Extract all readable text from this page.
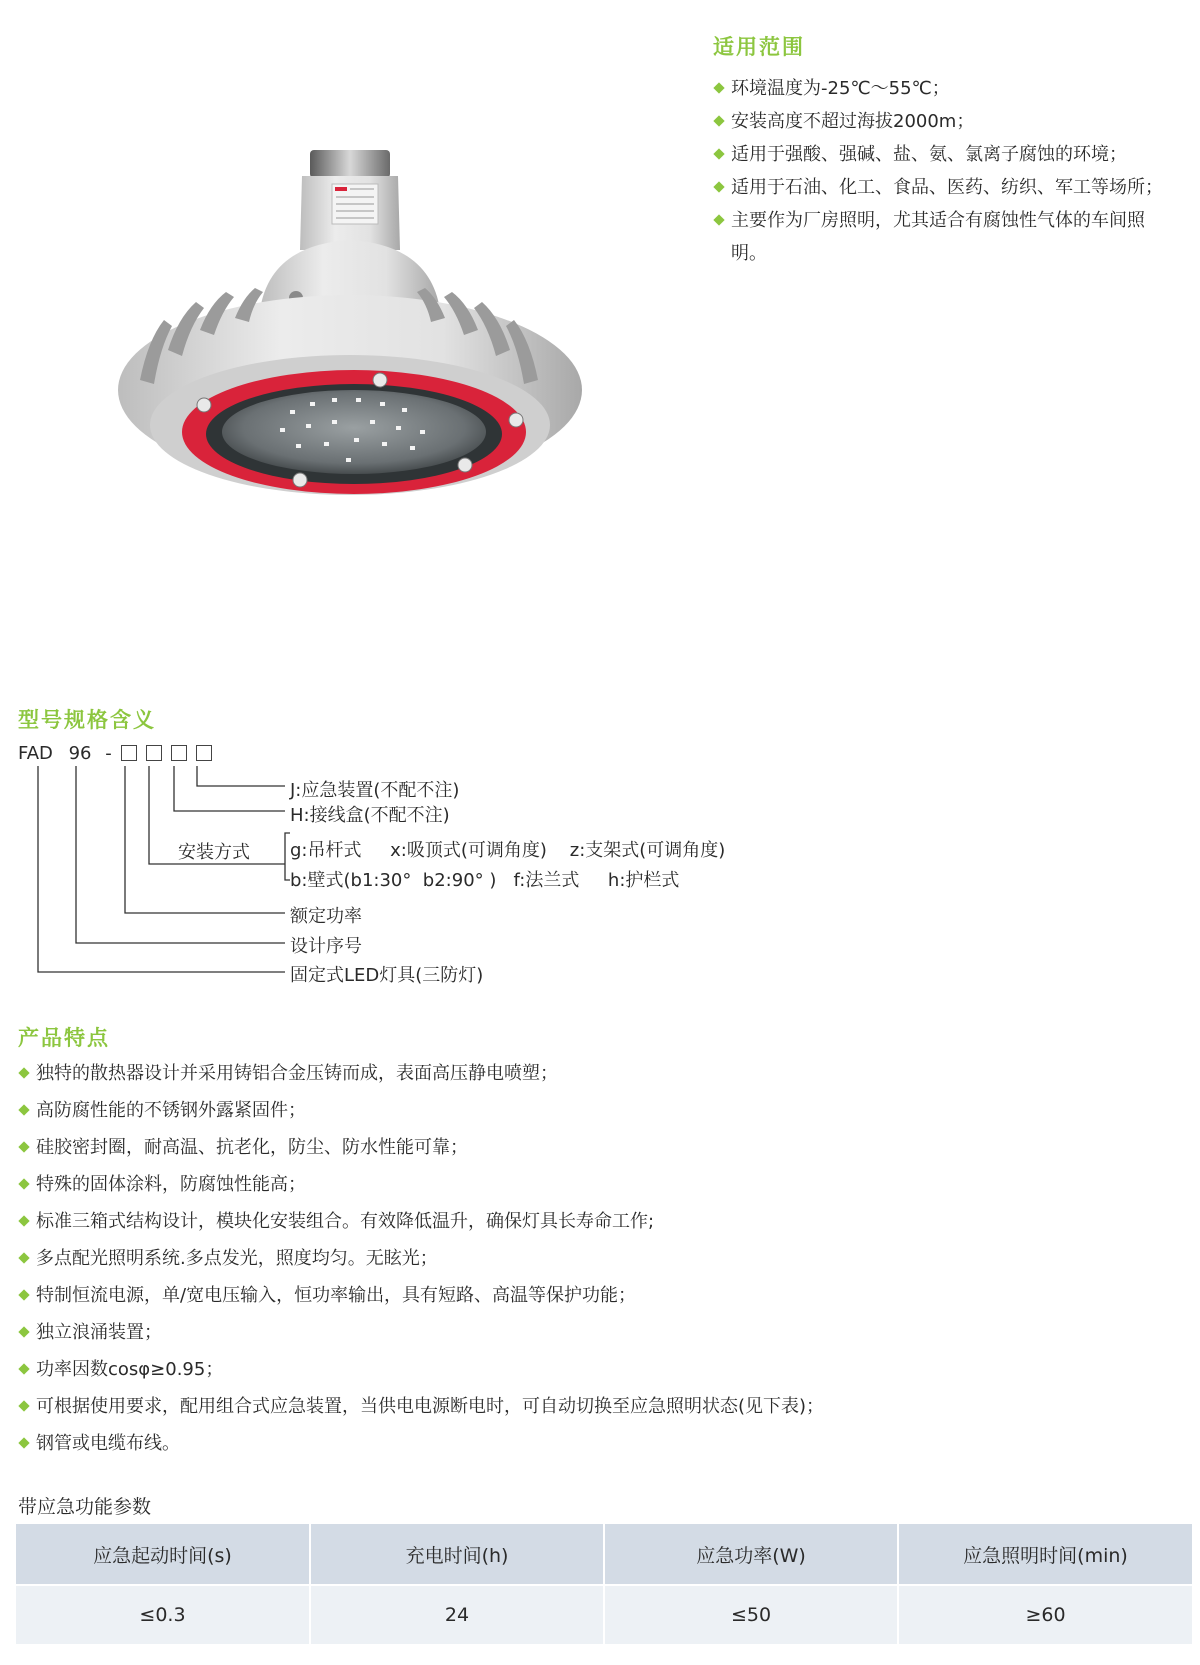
适用范围
环境温度为-25℃～55℃；
安装高度不超过海拔2000m；
适用于强酸、强碱、盐、氨、氯离子腐蚀的环境；
适用于石油、化工、食品、医药、纺织、军工等场所；
主要作为厂房照明，尤其适合有腐蚀性气体的车间照明。
型号规格含义
FAD 96 -
J:应急装置(不配不注)
H:接线盒(不配不注)
安装方式 g:吊杆式     x:吸顶式(可调角度)    z:支架式(可调角度)
b:壁式(b1:30°  b2:90° )   f:法兰式     h:护栏式
额定功率
设计序号
固定式LED灯具(三防灯)
产品特点
独特的散热器设计并采用铸铝合金压铸而成，表面高压静电喷塑；
高防腐性能的不锈钢外露紧固件；
硅胶密封圈，耐高温、抗老化，防尘、防水性能可靠；
特殊的固体涂料，防腐蚀性能高；
标准三箱式结构设计，模块化安装组合。有效降低温升，确保灯具长寿命工作;
多点配光照明系统.多点发光，照度均匀。无眩光；
特制恒流电源，单/宽电压输入，恒功率输出，具有短路、高温等保护功能；
独立浪涌装置；
功率因数cosφ≥0.95；
可根据使用要求，配用组合式应急装置，当供电电源断电时，可自动切换至应急照明状态(见下表)；
钢管或电缆布线。
带应急功能参数
应急起动时间(s)	充电时间(h)	应急功率(W)	应急照明时间(min)
≤0.3	24	≤50	≥60
